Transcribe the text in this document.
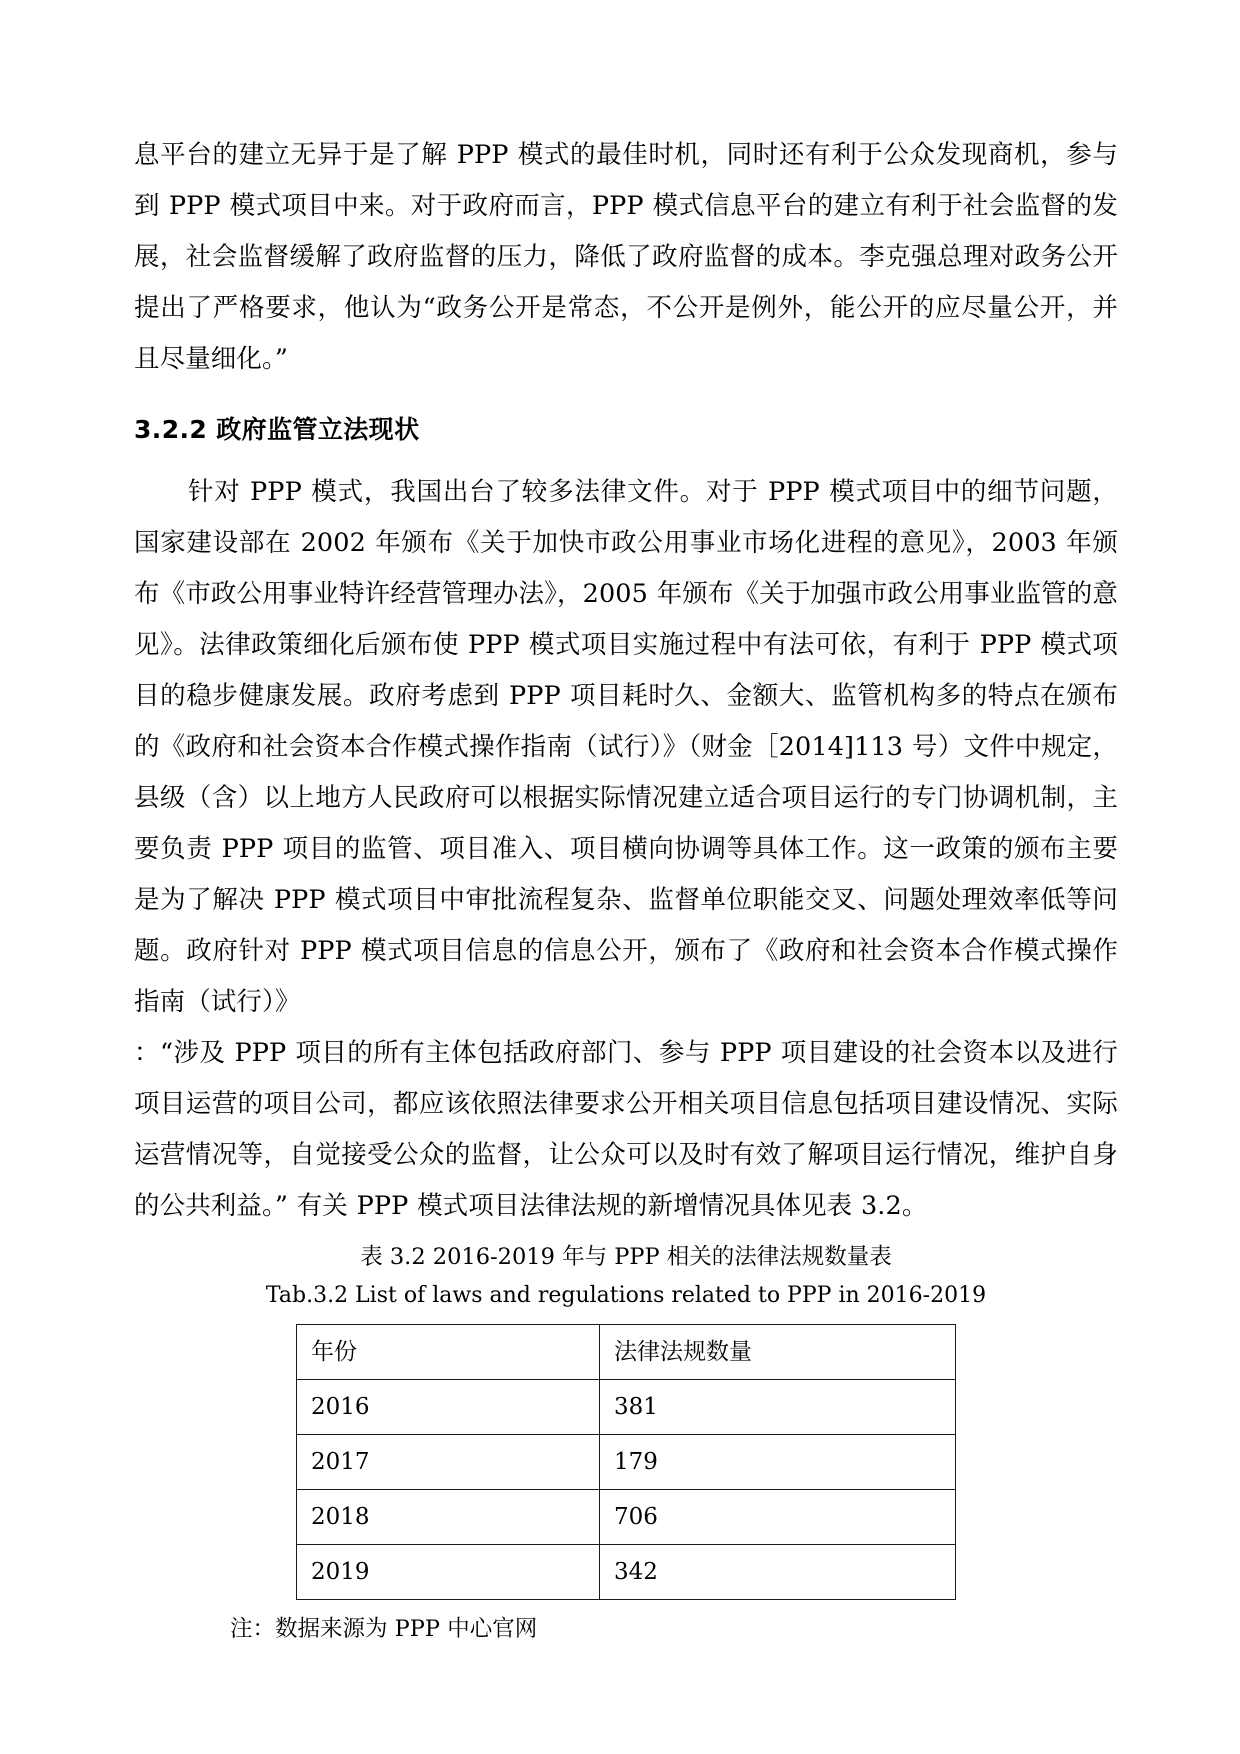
息平台的建立无异于是了解 PPP 模式的最佳时机，同时还有利于公众发现商机，参与到 PPP 模式项目中来。对于政府而言，PPP 模式信息平台的建立有利于社会监督的发展，社会监督缓解了政府监督的压力，降低了政府监督的成本。李克强总理对政务公开提出了严格要求，他认为“政务公开是常态，不公开是例外，能公开的应尽量公开，并且尽量细化。”

3.2.2 政府监管立法现状

针对 PPP 模式，我国出台了较多法律文件。对于 PPP 模式项目中的细节问题，国家建设部在 2002 年颁布《关于加快市政公用事业市场化进程的意见》，2003 年颁布《市政公用事业特许经营管理办法》，2005 年颁布《关于加强市政公用事业监管的意见》。法律政策细化后颁布使 PPP 模式项目实施过程中有法可依，有利于 PPP 模式项目的稳步健康发展。政府考虑到 PPP 项目耗时久、金额大、监管机构多的特点在颁布的《政府和社会资本合作模式操作指南（试行）》（财金［2014]113 号）文件中规定，县级（含）以上地方人民政府可以根据实际情况建立适合项目运行的专门协调机制，主要负责 PPP 项目的监管、项目准入、项目横向协调等具体工作。这一政策的颁布主要是为了解决 PPP 模式项目中审批流程复杂、监督单位职能交叉、问题处理效率低等问题。政府针对 PPP 模式项目信息的信息公开，颁布了《政府和社会资本合作模式操作指南（试行）》

：“涉及 PPP 项目的所有主体包括政府部门、参与 PPP 项目建设的社会资本以及进行项目运营的项目公司，都应该依照法律要求公开相关项目信息包括项目建设情况、实际运营情况等，自觉接受公众的监督，让公众可以及时有效了解项目运行情况，维护自身的公共利益。” 有关 PPP 模式项目法律法规的新增情况具体见表 3.2。

表 3.2 2016-2019 年与 PPP 相关的法律法规数量表
Tab.3.2 List of laws and regulations related to PPP in 2016-2019
年份	法律法规数量
2016	381
2017	179
2018	706
2019	342
注：数据来源为 PPP 中心官网
